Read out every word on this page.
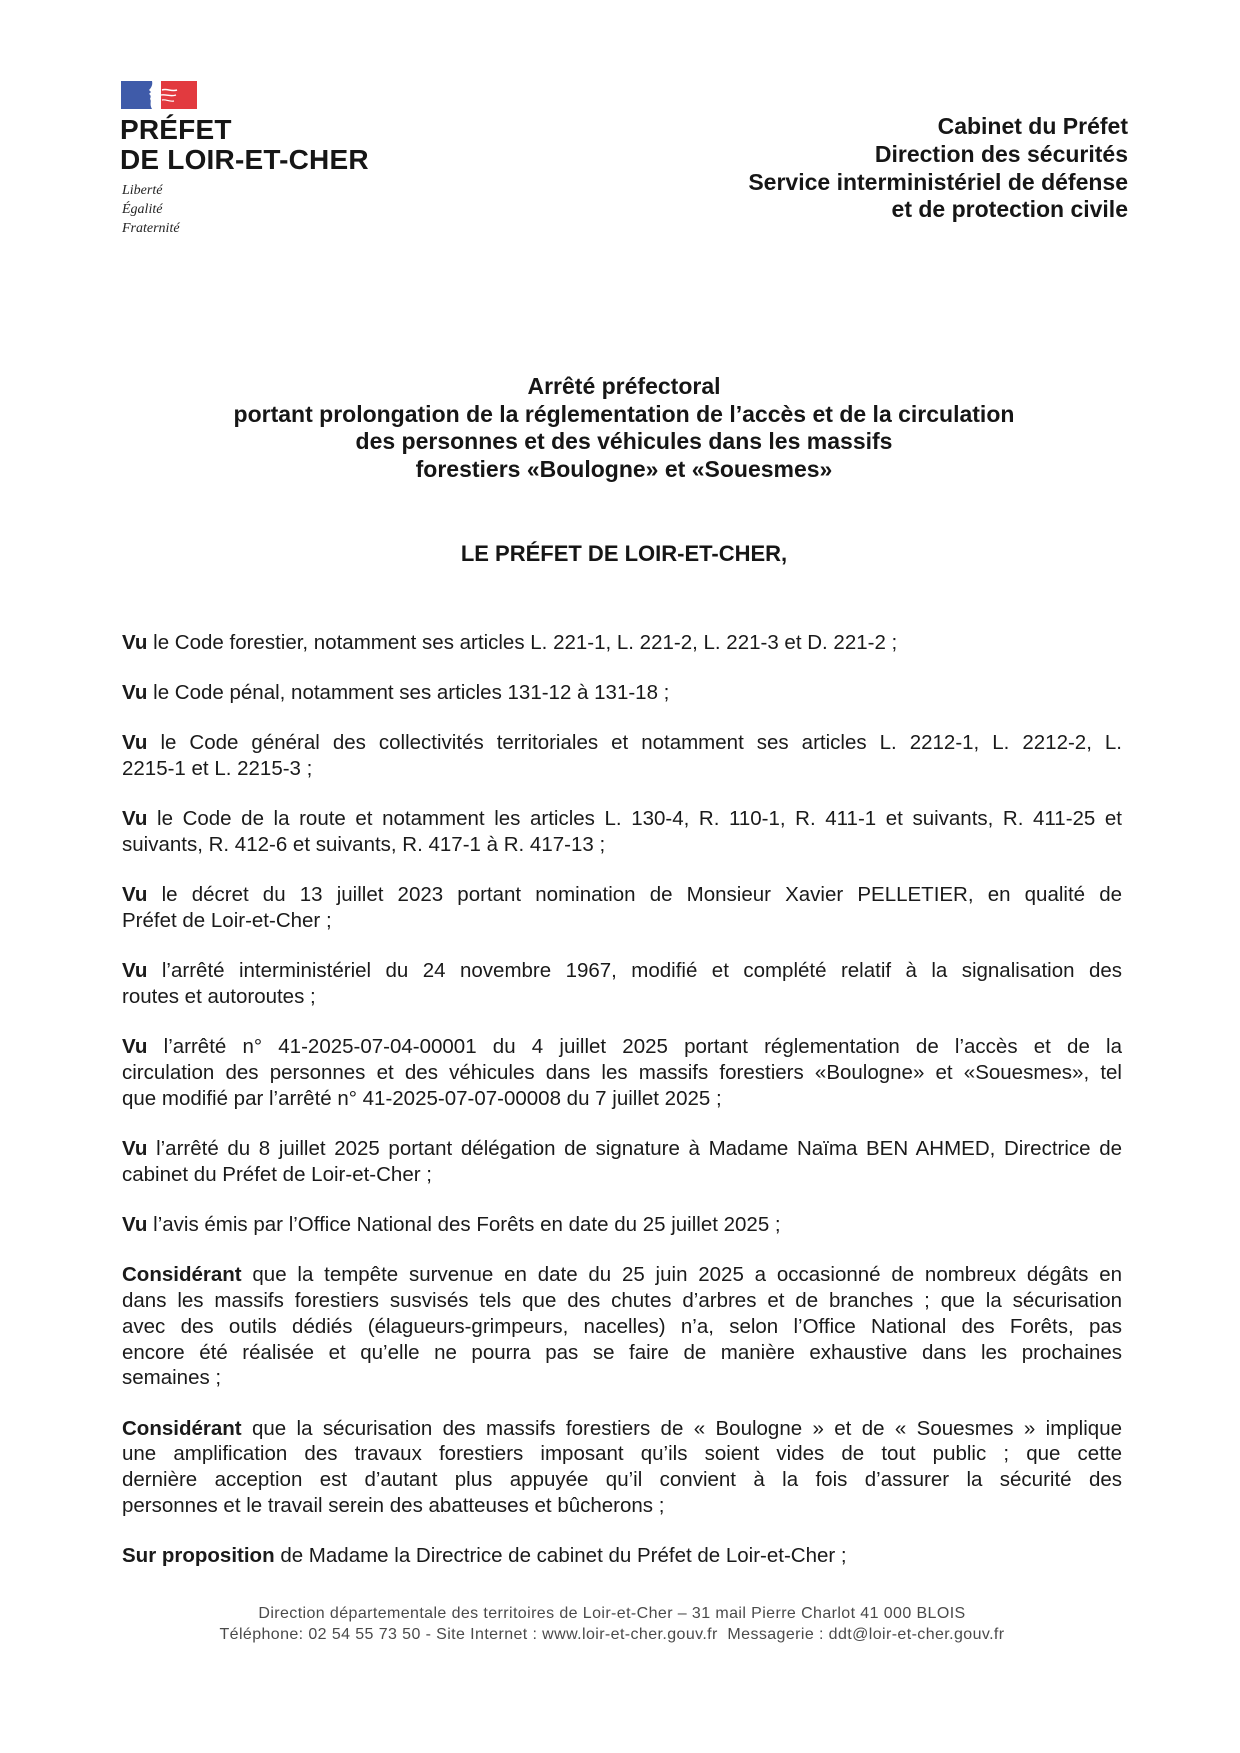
PRÉFET
DE LOIR-ET-CHER
Liberté
Égalité
Fraternité
Cabinet du Préfet
Direction des sécurités
Service interministériel de défense
et de protection civile
Arrêté préfectoral
portant prolongation de la réglementation de l’accès et de la circulation
des personnes et des véhicules dans les massifs
forestiers «Boulogne» et «Souesmes»
LE PRÉFET DE LOIR-ET-CHER,
Vu le Code forestier, notamment ses articles L. 221-1, L. 221-2, L. 221-3 et D. 221-2 ;
Vu le Code pénal, notamment ses articles 131-12 à 131-18 ;
Vu le Code général des collectivités territoriales et notamment ses articles L. 2212-1, L. 2212-2, L.
2215-1 et L. 2215-3 ;
Vu le Code de la route et notamment les articles L. 130-4, R. 110-1, R. 411-1 et suivants, R. 411-25 et
suivants, R. 412-6 et suivants, R. 417-1 à R. 417-13 ;
Vu le décret du 13 juillet 2023 portant nomination de Monsieur Xavier PELLETIER, en qualité de
Préfet de Loir-et-Cher ;
Vu l’arrêté interministériel du 24 novembre 1967, modifié et complété relatif à la signalisation des
routes et autoroutes ;
Vu l’arrêté n° 41-2025-07-04-00001 du 4 juillet 2025 portant réglementation de l’accès et de la
circulation des personnes et des véhicules dans les massifs forestiers «Boulogne» et «Souesmes», tel
que modifié par l’arrêté n° 41-2025-07-07-00008 du 7 juillet 2025 ;
Vu l’arrêté du 8 juillet 2025 portant délégation de signature à Madame Naïma BEN AHMED, Directrice de
cabinet du Préfet de Loir-et-Cher ;
Vu l’avis émis par l’Office National des Forêts en date du 25 juillet 2025 ;
Considérant que la tempête survenue en date du 25 juin 2025 a occasionné de nombreux dégâts en
dans les massifs forestiers susvisés tels que des chutes d’arbres et de branches ; que la sécurisation
avec des outils dédiés (élagueurs-grimpeurs, nacelles) n’a, selon l’Office National des Forêts, pas
encore été réalisée et qu’elle ne pourra pas se faire de manière exhaustive dans les prochaines
semaines ;
Considérant que la sécurisation des massifs forestiers de « Boulogne » et de « Souesmes » implique
une amplification des travaux forestiers imposant qu’ils soient vides de tout public ; que cette
dernière acception est d’autant plus appuyée qu’il convient à la fois d’assurer la sécurité des
personnes et le travail serein des abatteuses et bûcherons ;
Sur proposition de Madame la Directrice de cabinet du Préfet de Loir-et-Cher ;
Direction départementale des territoires de Loir-et-Cher – 31 mail Pierre Charlot 41 000 BLOIS
Téléphone: 02 54 55 73 50 - Site Internet : www.loir-et-cher.gouv.fr  Messagerie : ddt@loir-et-cher.gouv.fr
